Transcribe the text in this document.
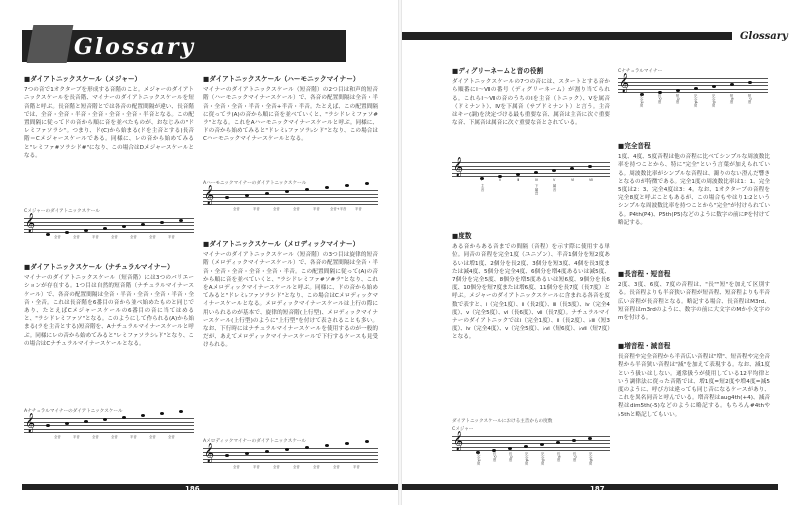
Glossary	Glossary
■ダイアトニックスケール（メジャー）
7つの音で1オクターブを形成する音階のこと。メジャーのダイアトニックスケールを長音階、マイナーのダイアトニックスケールを短音階と呼ぶ。長音階と短音階とでは各音の配置間隔が違い、長音階では、全音・全音・半音・全音・全音・全音・半音となる。この配置間隔に従ってドの音から順に音を並べたものが、おなじみの"ドレミファソラシ"。つまり、ド(C)から始まる(ドを主音とする)長音階＝Cメジャースケールである。同様に、レの音から始めてみると"レミファ#ソラシド#"になり、この場合はDメジャースケールとなる。
Cメジャーのダイアトニックスケール
𝄞
全音	全音	半音	全音	全音	全音	半音
■ダイアトニックスケール（ナチュラルマイナー）
マイナーのダイアトニックスケール（短音階）には3つのバリエーションが存在する。1つ目は自然的短音階（ナチュラルマイナースケール）で、各音の配置間隔は全音・半音・全音・全音・半音・全音・全音。これは長音階を6番目の音から並べ始めたものと同じであり、たとえばCメジャースケールの6番目の音に当てはめると、"ラシドレミファソ"となる。このようにして作られる(A)から始まる(ラを主音とする)短音階を、Aナチュラルマイナースケールと呼ぶ。同様にレの音から始めてみると"レミファソラシ♭ド"となり、この場合はCナチュラルマイナースケールとなる。
Aナチュラルマイナーのダイアトニックスケール
𝄞
全音	半音	全音	全音	半音	全音	全音
■ダイアトニックスケール（ハーモニックマイナー）
マイナーのダイアトニックスケール（短音階）の2つ目は和声的短音階（ハーモニックマイナースケール）で、各音の配置間隔は全音・半音・全音・全音・半音・全音+半音・半音。たとえば、この配置間隔に従ってラ(A)の音から順に音を並べていくと、"ラシドレミファソ#ラ"となる。これをAハーモニックマイナースケールと呼ぶ。同様に、ドの音から始めてみると"ドレミ♭ファソラ♭シド"となり、この場合はCハーモニックマイナースケールとなる。
Aハーモニックマイナーのダイアトニックスケール
𝄞
全音	半音	全音	全音	半音	全音+半音	半音
■ダイアトニックスケール（メロディックマイナー）
マイナーのダイアトニックスケール（短音階）の3つ目は旋律的短音階（メロディックマイナースケール）で、各音の配置間隔は全音・半音・全音・全音・全音・全音・半音。この配置間隔に従って(A)の音から順に音を並べていくと、"ラシドレミファ#ソ#ラ"となり、これをAメロディックマイナースケールと呼ぶ。同様に、ドの音から始めてみると"ドレミ♭ファソラシド"となり、この場合はCメロディックマイナースケールとなる。メロディックマイナースケールは上行の際に用いられるのが基本で、旋律的短音階(上行型)、メロディックマイナースケール(上行型)のように"上行型"を付けて表されることも多い。なお、下行時にはナチュラルマイナースケールを使用するのが一般的だが、あえてメロディックマイナースケールで下行するケースも見受けられる。
Aメロディックマイナーのダイアトニックスケール
𝄞
全音	半音	全音	全音	全音	全音	半音
■ディグリーネームと音の役割
ダイアトニックスケールの7つの音には、スタートとする音から順番にⅠ〜Ⅶの番号（ディグリーネーム）が割り当てられる。これらⅠ〜Ⅶの音のうちのⅠを主音（トニック）、Ⅴを属音（ドミナント）、Ⅳを下属音（サブドミナント）と言う。主音はキー(調)を決定づける最も重要な音、属音は主音に次ぐ重要な音、下属音は属音に次ぐ重要な音とされている。
𝄞
Ⅰ	Ⅱ	Ⅲ	Ⅳ	Ⅴ	Ⅵ	Ⅶ
主音	下属音	属音
■度数
ある音からある音までの間隔（音程）を示す際に使用する単位。同音の音程を完全1度（ユニゾン）、半音1個分を短2度あるいは増1度、2個分を長2度、3個分を短3度、4個を長3度または減4度、5個分を完全4度、6個分を増4度あるいは減5度、7個分を完全5度、8個分を増5度あるいは短6度、9個分を長6度、10個分を短7度または増6度、11個分を長7度（長7度）と呼ぶ。メジャーのダイアトニックスケールに含まれる各音を度数で表すと、ⅰ（完全1度）、ⅱ（長2度）、ⅲ（長3度）、ⅳ（完全4度）、ⅴ（完全5度）、ⅵ（長6度）、ⅶ（長7度）。ナチュラルマイナーのダイアトニックではⅰ（完全1度）、ⅱ（長2度）、♭ⅲ（短3度）、ⅳ（完全4度）、ⅴ（完全5度）、♭ⅵ（短6度）、♭ⅶ（短7度）となる。
ダイアトニックスケールにおける主音からの度数
Cメジャー
𝄞
完全1度	長2度	長3度	完全4度	完全5度	長6度	長7度	完全8度
Cナチュラルマイナー
𝄞
完全1度	長2度	短3度	完全4度	完全5度	短6度	短7度
■完全音程
1度、4度、5度音程は他の音程に比べてシンプルな周波数比率を持つことから、特に"完全"という言葉が加えられている。周波数比率がシンプルな音程は、濁りのない澄んだ響きとなるのが特徴である。完全1度の周波数比率は1：1、完全5度は2：3、完全4度は3：4。なお、1オクターブの音程を完全8度と呼ぶこともあるが、この場合もやはり1:2というシンプルな周波数比率を持つことから"完全"が付けられている。P4th(P4)、P5th(P5)などのように数字の前にPを付けて略記する。
■長音程・短音程
2度、3度、6度、7度の音程は、"長""短"を加えて区別する。長音程よりも半音狭い音程が短音程、短音程よりも半音広い音程が長音程となる。略記する場合、長音程はM3rd、短音程はm3rdのように、数字の前に大文字のMか小文字のmを付ける。
■増音程・減音程
長音程や完全音程から半音広い音程は"増"、短音程や完全音程から半音狭い音程は"減"を加えて表現する。なお、減1度という扱いはしない。通常扱うが使用している12平均律という調律法に従った音階では、増1度=短2度や増4度=減5度のように、呼び方は違っても同じ音になるケースがあり、これを異名同音と呼んでいる。増音程はaug4th(+4)、減音程はdim5th(-5)などのように略記する。もちろん#4thや♭5thと略記してもいい。
186	187
